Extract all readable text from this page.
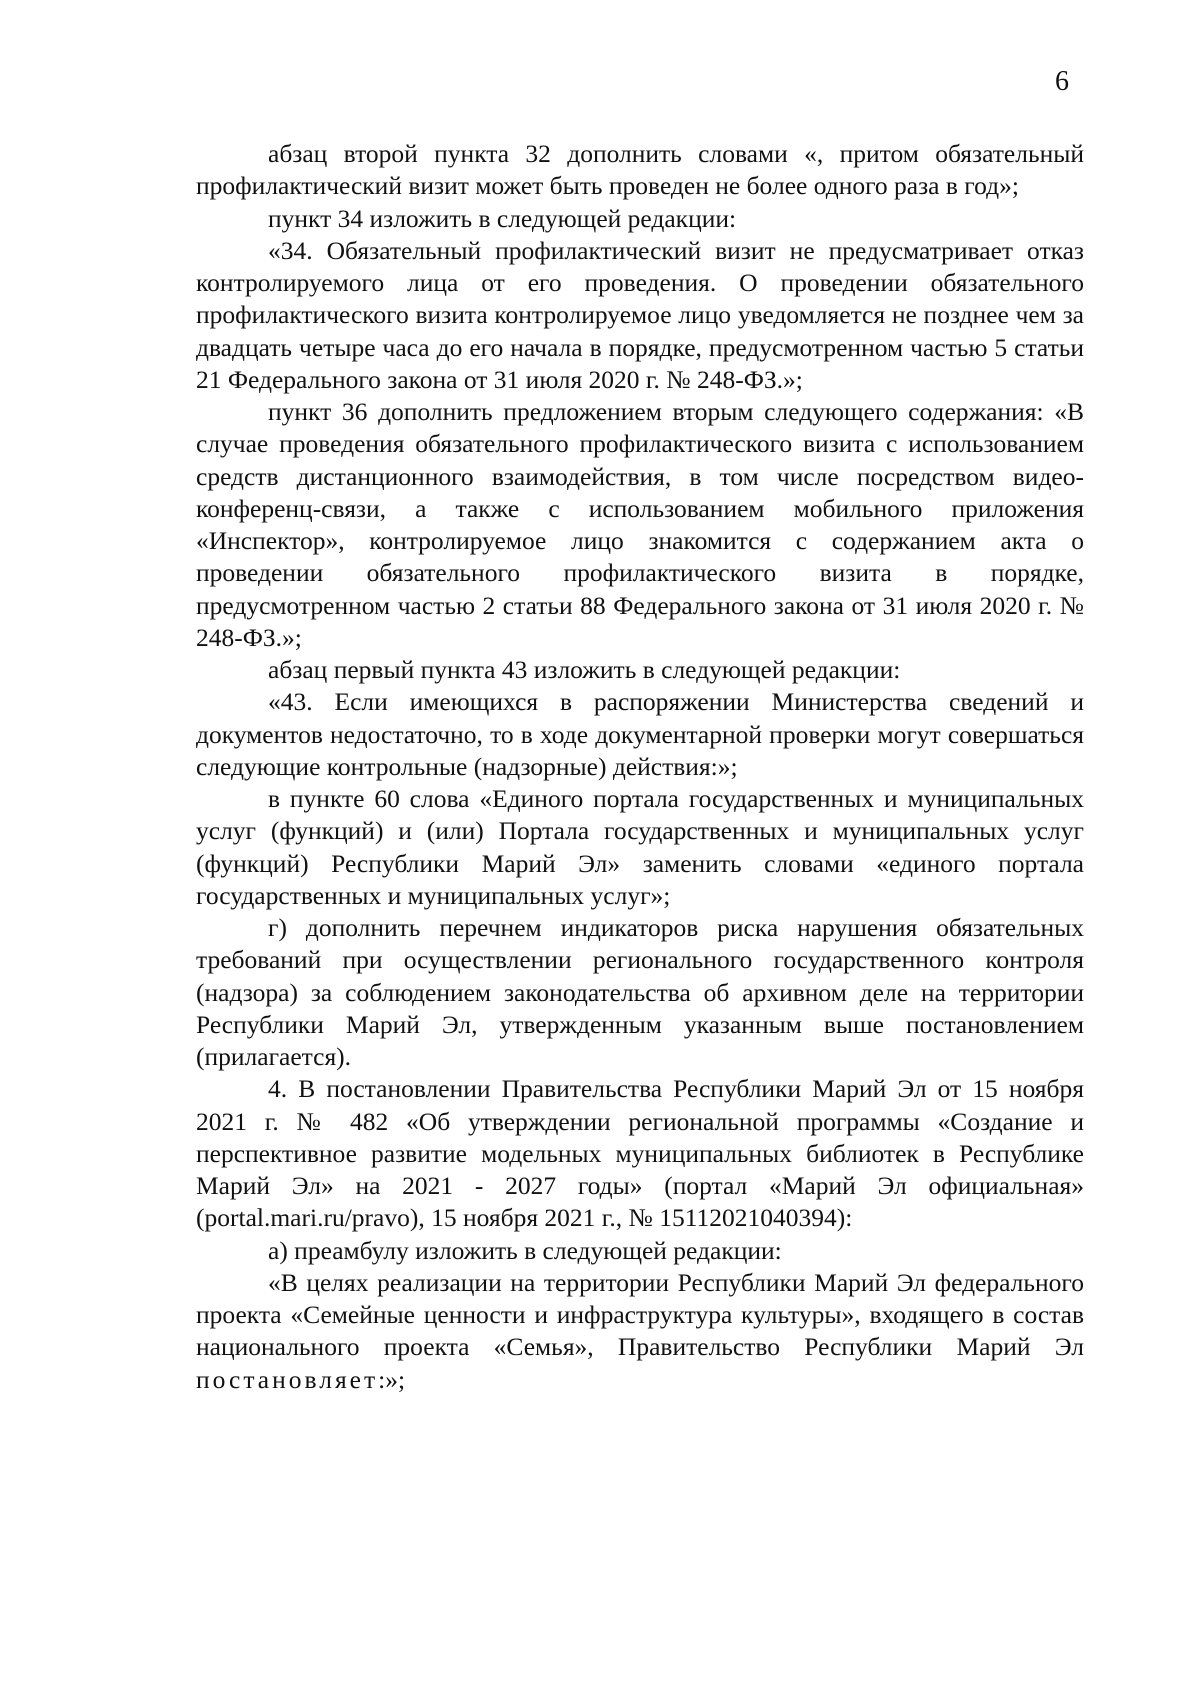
6

абзац второй пункта 32 дополнить словами «, притом обязательный профилактический визит может быть проведен не более одного раза в год»;

пункт 34 изложить в следующей редакции:

«34. Обязательный профилактический визит не предусматривает отказ контролируемого лица от его проведения. О проведении обязательного профилактического визита контролируемое лицо уведомляется не позднее чем за двадцать четыре часа до его начала в порядке, предусмотренном частью 5 статьи 21 Федерального закона от 31 июля 2020 г. № 248-ФЗ.»;

пункт 36 дополнить предложением вторым следующего содержания: «В случае проведения обязательного профилактического визита с использованием средств дистанционного взаимодействия, в том числе посредством видео-конференц-связи, а также с использованием мобильного приложения «Инспектор», контролируемое лицо знакомится с содержанием акта о проведении обязательного профилактического визита в порядке, предусмотренном частью 2 статьи 88 Федерального закона от 31 июля 2020 г. № 248-ФЗ.»;

абзац первый пункта 43 изложить в следующей редакции:

«43. Если имеющихся в распоряжении Министерства сведений и документов недостаточно, то в ходе документарной проверки могут совершаться следующие контрольные (надзорные) действия:»;

в пункте 60 слова «Единого портала государственных и муниципальных услуг (функций) и (или) Портала государственных и муниципальных услуг (функций) Республики Марий Эл» заменить словами «единого портала государственных и муниципальных услуг»;

г) дополнить перечнем индикаторов риска нарушения обязательных требований при осуществлении регионального государственного контроля (надзора) за соблюдением законодательства об архивном деле на территории Республики Марий Эл, утвержденным указанным выше постановлением (прилагается).

4. В постановлении Правительства Республики Марий Эл от 15 ноября 2021 г. № 482 «Об утверждении региональной программы «Создание и перспективное развитие модельных муниципальных библиотек в Республике Марий Эл» на 2021 - 2027 годы» (портал «Марий Эл официальная» (portal.mari.ru/pravo), 15 ноября 2021 г., № 15112021040394):

а) преамбулу изложить в следующей редакции:

«В целях реализации на территории Республики Марий Эл федерального проекта «Семейные ценности и инфраструктура культуры», входящего в состав национального проекта «Семья», Правительство Республики Марий Эл постановляет:»;
